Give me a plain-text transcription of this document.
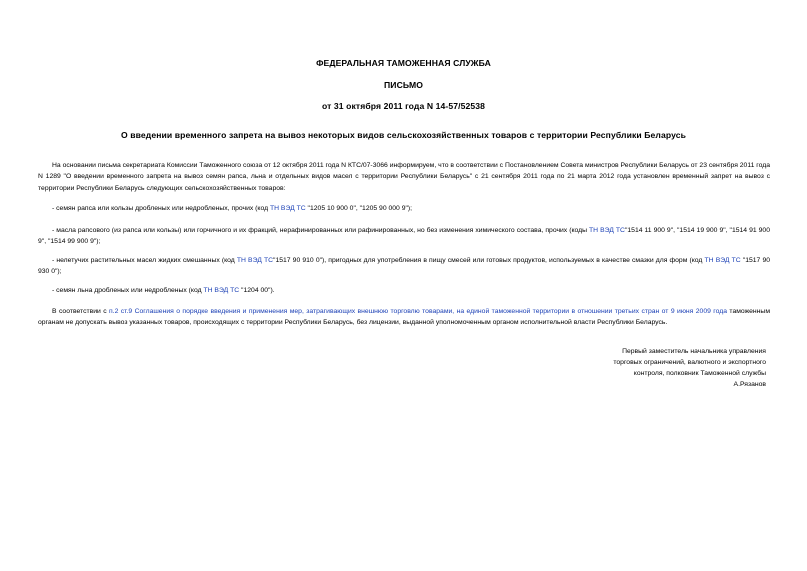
ФЕДЕРАЛЬНАЯ ТАМОЖЕННАЯ СЛУЖБА
ПИСЬМО
от 31 октября 2011 года N 14-57/52538
О введении временного запрета на вывоз некоторых видов сельскохозяйственных товаров с территории Республики Беларусь
На основании письма секретариата Комиссии Таможенного союза от 12 октября 2011 года N КТС/07-3066 информируем, что в соответствии с Постановлением Совета министров Республики Беларусь от 23 сентября 2011 года N 1289 "О введении временного запрета на вывоз семян рапса, льна и отдельных видов масел с территории Республики Беларусь" с 21 сентября 2011 года по 21 марта 2012 года установлен временный запрет на вывоз с территории Республики Беларусь следующих сельскохозяйственных товаров:
- семян рапса или кользы дробленых или недробленых, прочих (код ТН ВЭД ТС "1205 10 900 0", "1205 90 000 9");
- масла рапсового (из рапса или кользы) или горчичного и их фракций, нерафинированных или рафинированных, но без изменения химического состава, прочих (коды ТН ВЭД ТС"1514 11 900 9", "1514 19 900 9", "1514 91 900 9", "1514 99 900 9");
- нелетучих растительных масел жидких смешанных (код ТН ВЭД ТС"1517 90 910 0"), пригодных для употребления в пищу смесей или готовых продуктов, используемых в качестве смазки для форм (код ТН ВЭД ТС "1517 90 930 0");
- семян льна дробленых или недробленых (код ТН ВЭД ТС "1204 00").
В соответствии с п.2 ст.9 Соглашения о порядке введения и применения мер, затрагивающих внешнюю торговлю товарами, на единой таможенной территории в отношении третьих стран от 9 июня 2009 года таможенным органам не допускать вывоз указанных товаров, происходящих с территории Республики Беларусь, без лицензии, выданной уполномоченным органом исполнительной власти Республики Беларусь.
Первый заместитель начальника управления
торговых ограничений, валютного и экспортного
контроля, полковник Таможенной службы
А.Рязанов
